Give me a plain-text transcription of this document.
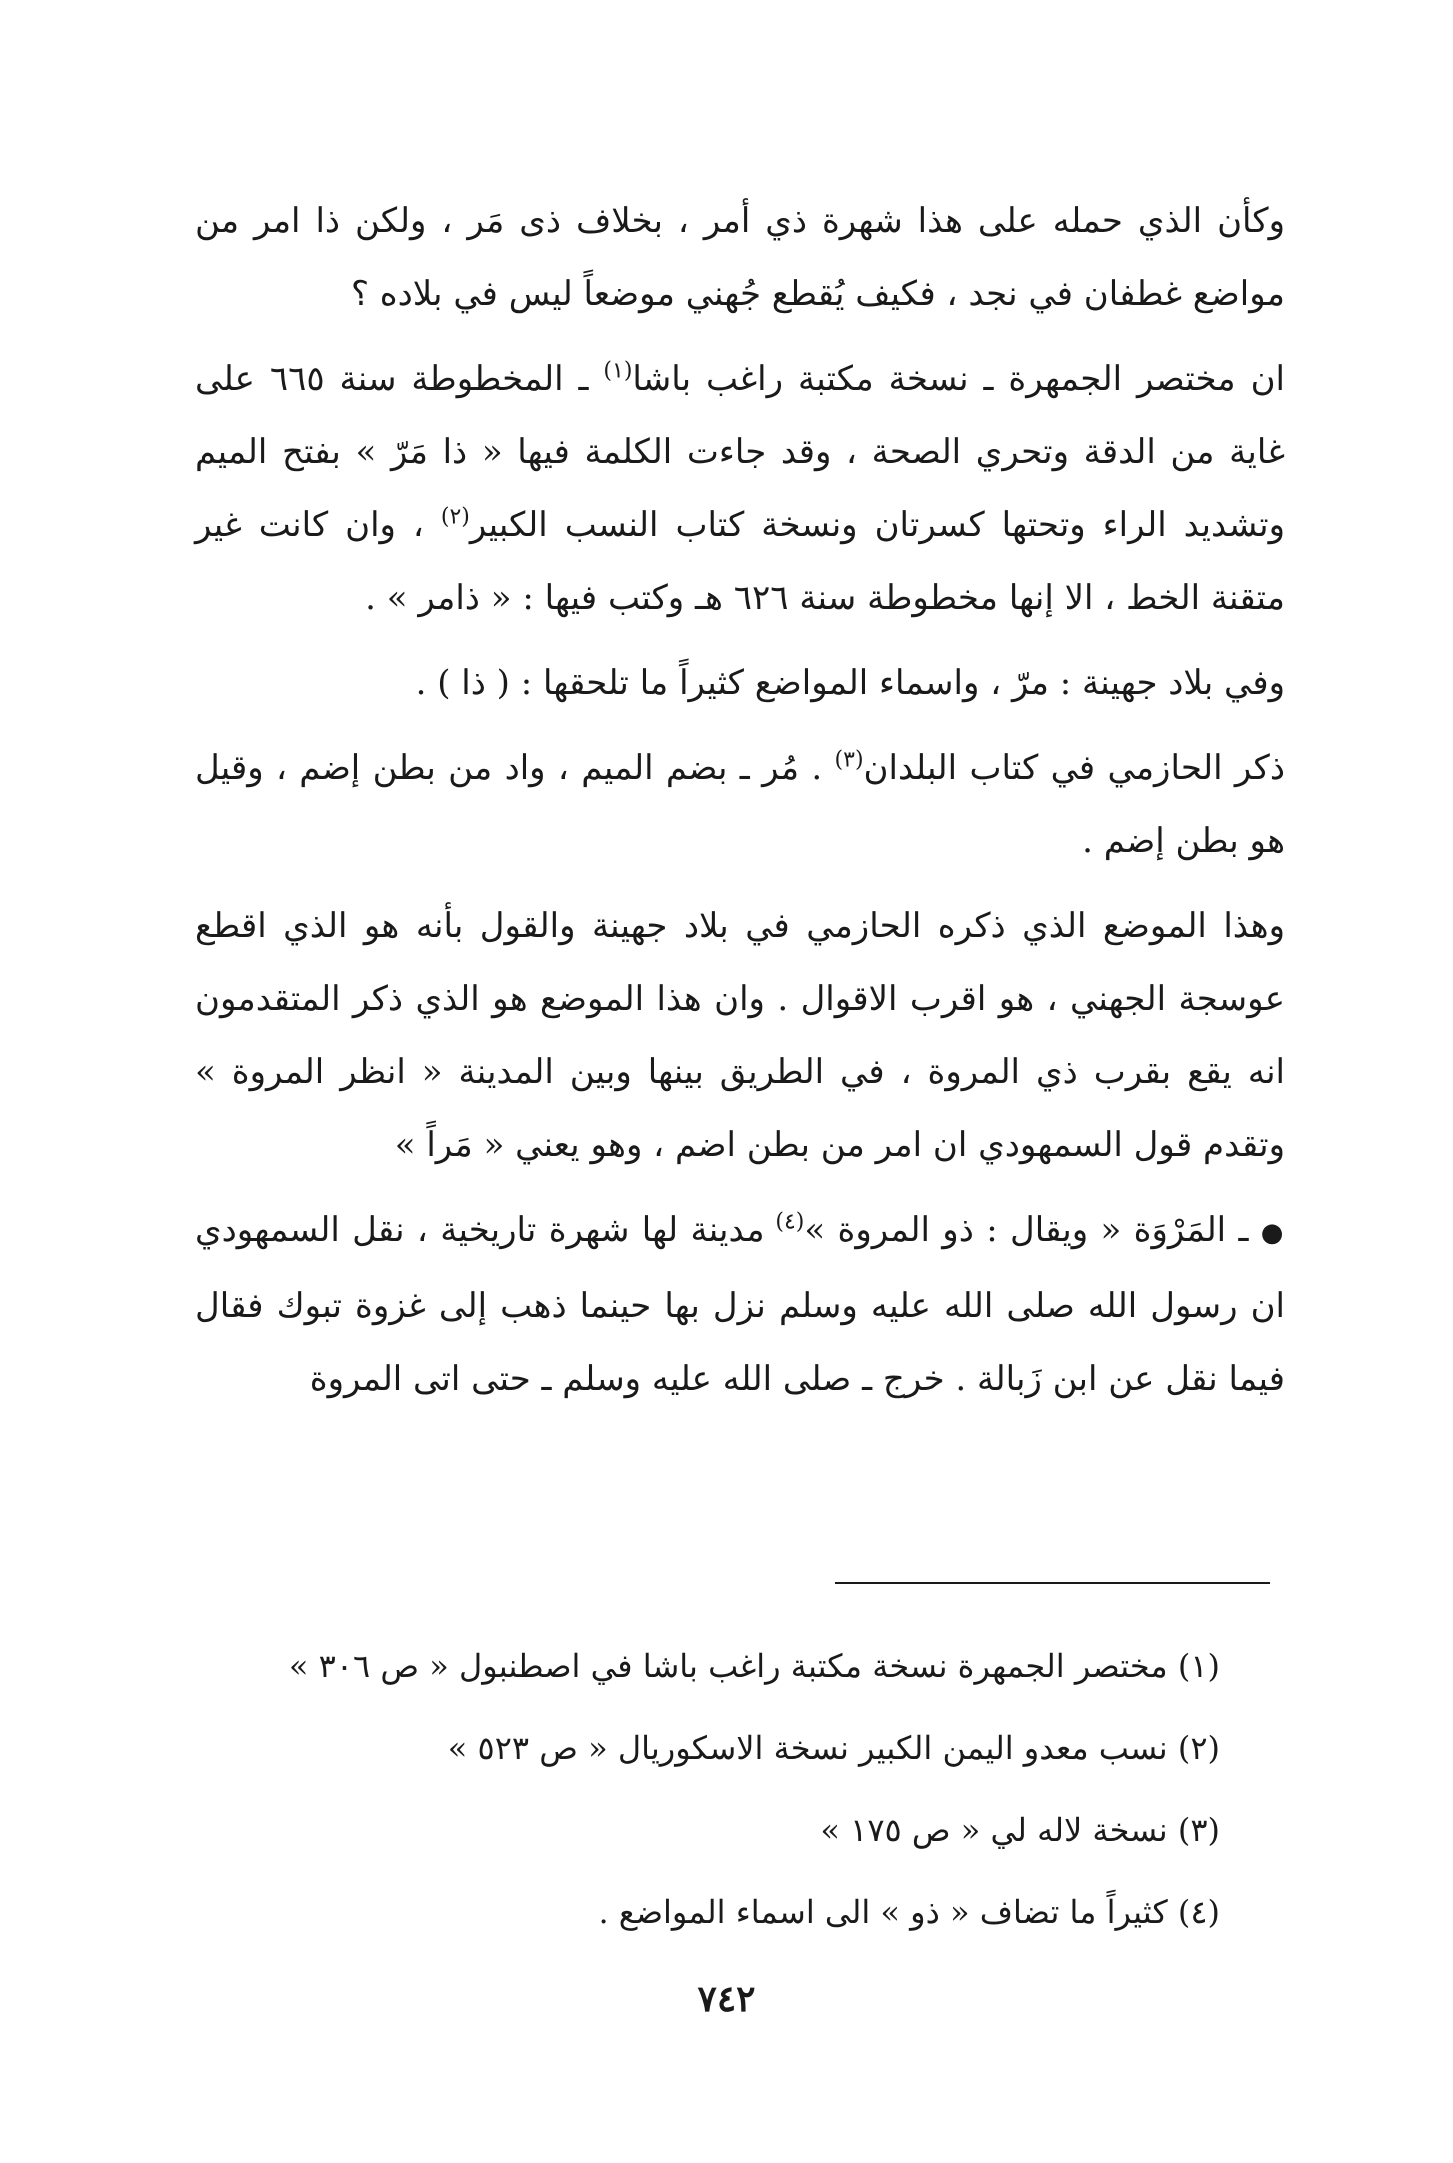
وكأن الذي حمله على هذا شهرة ذي أمر ، بخلاف ذى مَر ، ولكن ذا امر من مواضع غطفان في نجد ، فكيف يُقطع جُهني موضعاً ليس في بلاده ؟

ان مختصر الجمهرة ـ نسخة مكتبة راغب باشا$^{(١)}$ ـ المخطوطة سنة ٦٦٥ على غاية من الدقة وتحري الصحة ، وقد جاءت الكلمة فيها « ذا مَرّ » بفتح الميم وتشديد الراء وتحتها كسرتان ونسخة كتاب النسب الكبير$^{(٢)}$ ، وان كانت غير متقنة الخط ، الا إنها مخطوطة سنة ٦٢٦ هـ وكتب فيها : « ذامر » .

وفي بلاد جهينة : مرّ ، واسماء المواضع كثيراً ما تلحقها : ( ذا ) .

ذكر الحازمي في كتاب البلدان$^{(٣)}$ . مُر ـ بضم الميم ، واد من بطن إضم ، وقيل هو بطن إضم .

وهذا الموضع الذي ذكره الحازمي في بلاد جهينة والقول بأنه هو الذي اقطع عوسجة الجهني ، هو اقرب الاقوال . وان هذا الموضع هو الذي ذكر المتقدمون انه يقع بقرب ذي المروة ، في الطريق بينها وبين المدينة « انظر المروة » وتقدم قول السمهودي ان امر من بطن اضم ، وهو يعني « مَراً »

● ـ المَرْوَة « ويقال : ذو المروة »$^{(٤)}$ مدينة لها شهرة تاريخية ، نقل السمهودي ان رسول الله صلى الله عليه وسلم نزل بها حينما ذهب إلى غزوة تبوك فقال فيما نقل عن ابن زَبالة . خرج ـ صلى الله عليه وسلم ـ حتى اتى المروة

(١) مختصر الجمهرة نسخة مكتبة راغب باشا في اصطنبول « ص ٣٠٦ »

(٢) نسب معدو اليمن الكبير نسخة الاسكوريال « ص ٥٢٣ »

(٣) نسخة لاله لي « ص ١٧٥ »

(٤) كثيراً ما تضاف « ذو » الى اسماء المواضع .

٧٤٢
